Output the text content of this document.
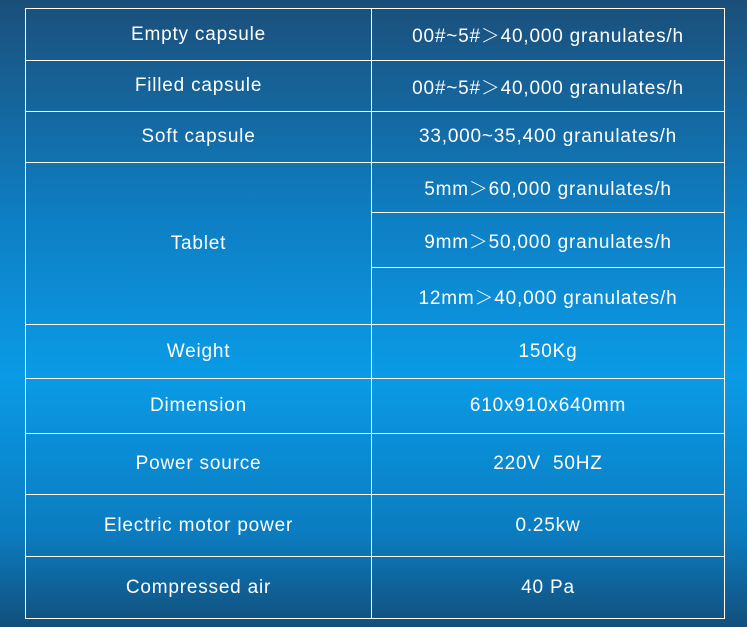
Empty capsule	00#~5#＞40,000 granulates/h
Filled capsule	00#~5#＞40,000 granulates/h
Soft capsule	33,000~35,400 granulates/h
Tablet	5mm＞60,000 granulates/h
	9mm＞50,000 granulates/h
	12mm＞40,000 granulates/h
Weight	150Kg
Dimension	610x910x640mm
Power source	220V  50HZ
Electric motor power	0.25kw
Compressed air	40 Pa
